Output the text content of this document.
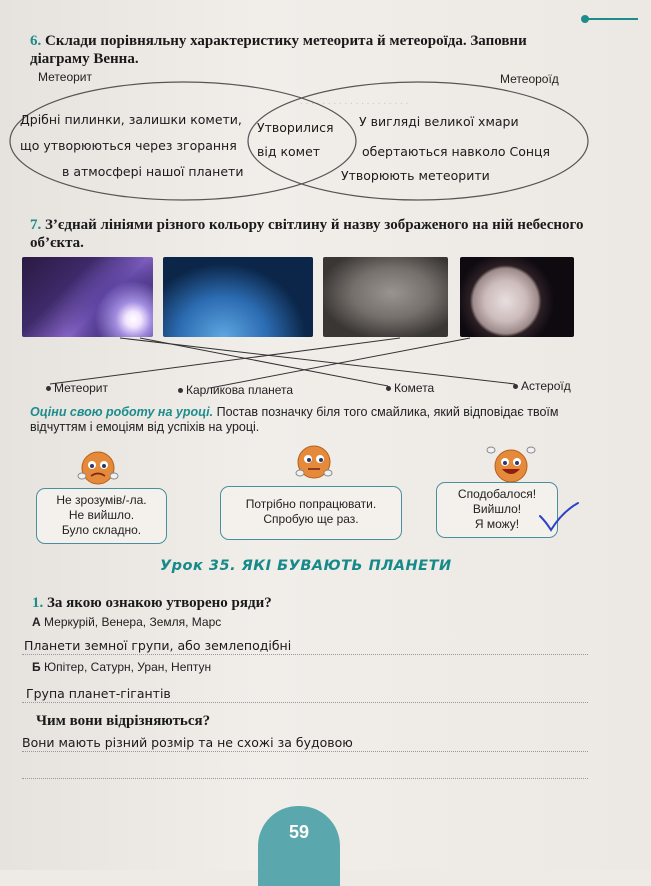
. . . . . . . . . . . . . . . . . . . .
6. Склади порівняльну характеристику метеорита й метеороїда. Заповни діаграму Венна.
Метеорит	Метеороїд
Дрібні пилинки, залишки комети,
що утворюються через згорання
в атмосфері нашої планети
Утворилися
від комет
У вигляді великої хмари
обертаються навколо Сонця
Утворюють метеорити
7. З’єднай лініями різного кольору світлину й назву зображеного на ній небесного об’єкта.
Метеорит	Карликова планета	Комета	Астероїд
Оціни свою роботу на уроці. Постав позначку біля того смайлика, який відповідає твоїм відчуттям і емоціям від успіхів на уроці.
Не зрозумів/-ла.
Не вийшло.
Було складно.
Потрібно попрацювати.
Спробую ще раз.
Сподобалося!
Вийшло!
Я можу!
Урок 35. ЯКІ БУВАЮТЬ ПЛАНЕТИ
1. За якою ознакою утворено ряди?
А Меркурій, Венера, Земля, Марс
Планети земної групи, або землеподібні
Б Юпітер, Сатурн, Уран, Нептун
Група планет-гігантів
Чим вони відрізняються?
Вони мають різний розмір та не схожі за будовою
59
